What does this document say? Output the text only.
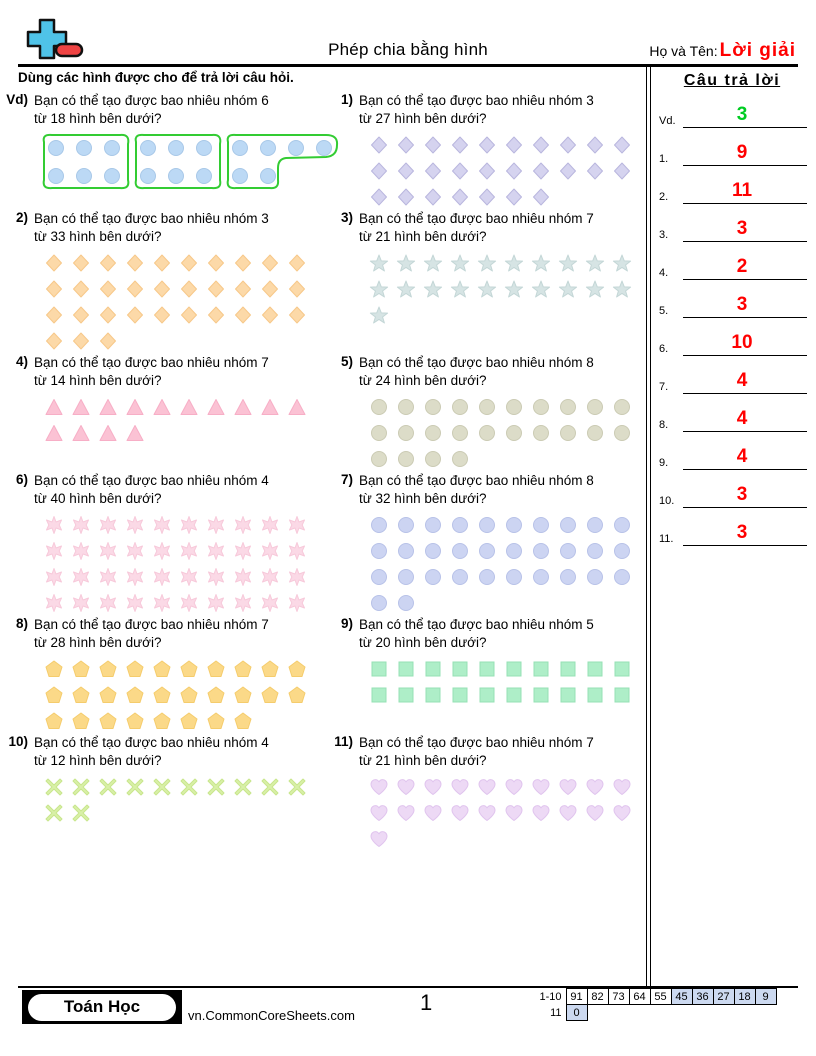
Phép chia bằng hình	Họ và Tên: Lời giải
Dùng các hình được cho để trả lời câu hỏi.	Câu trả lời
Vd.	3
1.	9
2.	11
3.	3
4.	2
5.	3
6.	10
7.	4
8.	4
9.	4
10.	3
11.	3
Vd) Bạn có thể tạo được bao nhiêu nhóm 6
từ 18 hình bên dưới?
1) Bạn có thể tạo được bao nhiêu nhóm 3
từ 27 hình bên dưới?
2) Bạn có thể tạo được bao nhiêu nhóm 3
từ 33 hình bên dưới?
3) Bạn có thể tạo được bao nhiêu nhóm 7
từ 21 hình bên dưới?
4) Bạn có thể tạo được bao nhiêu nhóm 7
từ 14 hình bên dưới?
5) Bạn có thể tạo được bao nhiêu nhóm 8
từ 24 hình bên dưới?
6) Bạn có thể tạo được bao nhiêu nhóm 4
từ 40 hình bên dưới?
7) Bạn có thể tạo được bao nhiêu nhóm 8
từ 32 hình bên dưới?
8) Bạn có thể tạo được bao nhiêu nhóm 7
từ 28 hình bên dưới?
9) Bạn có thể tạo được bao nhiêu nhóm 5
từ 20 hình bên dưới?
10) Bạn có thể tạo được bao nhiêu nhóm 4
từ 12 hình bên dưới?
11) Bạn có thể tạo được bao nhiêu nhóm 7
từ 21 hình bên dưới?
Toán Học	vn.CommonCoreSheets.com
1	1-10	91	82	73	64	55	45	36	27	18	9
11	0									
